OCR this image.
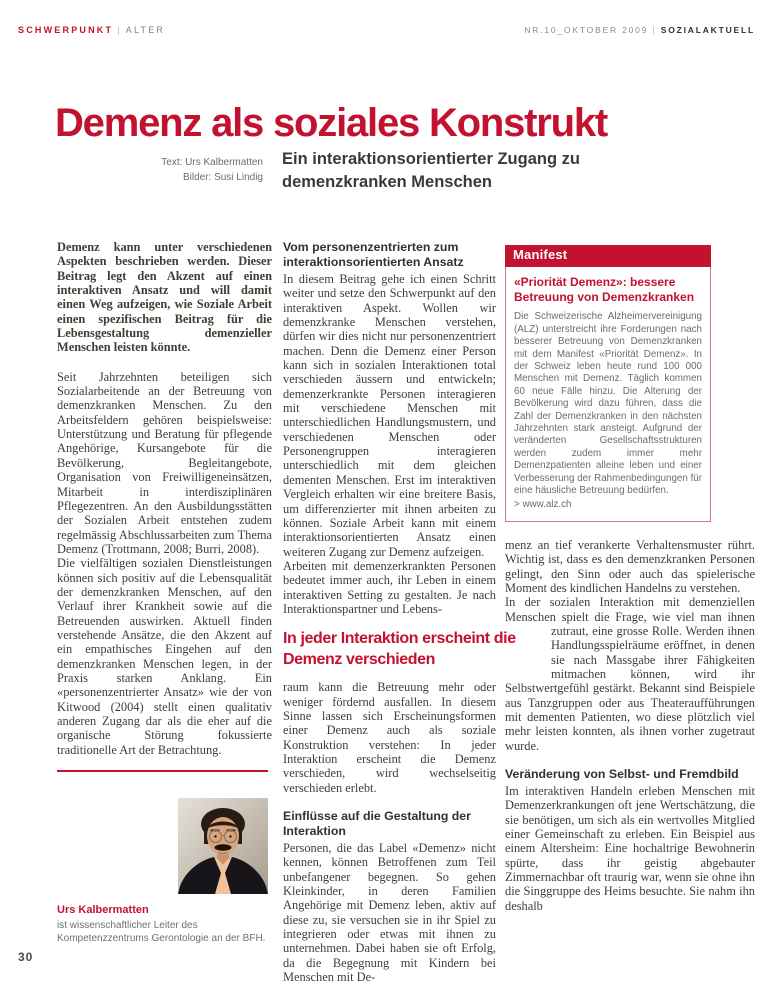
SCHWERPUNKT | ALTER	NR.10_OKTOBER 2009 | SOZIALAKTUELL
Demenz als soziales Konstrukt
Text: Urs Kalbermatten
Bilder: Susi Lindig
Ein interaktionsorientierter Zugang zu demenzkranken Menschen

Demenz kann unter verschiedenen Aspekten beschrieben werden. Dieser Beitrag legt den Akzent auf einen interaktiven Ansatz und will damit einen Weg aufzeigen, wie Soziale Arbeit einen spezifischen Beitrag für die Lebensgestaltung demenzieller Menschen leisten könnte.

Seit Jahrzehnten beteiligen sich Sozialarbeitende an der Betreuung von demenzkranken Menschen. Zu den Arbeitsfeldern gehören beispielsweise: Unterstützung und Beratung für pflegende Angehörige, Kursangebote für die Bevölkerung, Begleitangebote, Organisation von Freiwilligeneinsätzen, Mitarbeit in interdisziplinären Pflegezentren. An den Ausbildungsstätten der Sozialen Arbeit entstehen zudem regelmässig Abschlussarbeiten zum Thema Demenz (Trottmann, 2008; Burri, 2008).

Die vielfältigen sozialen Dienstleistungen können sich positiv auf die Lebensqualität der demenzkranken Menschen, auf den Verlauf ihrer Krankheit sowie auf die Betreuenden auswirken. Aktuell finden verstehende Ansätze, die den Akzent auf ein empathisches Eingehen auf den demenzkranken Menschen legen, in der Praxis starken Anklang. Ein «personenzentrierter Ansatz» wie der von Kitwood (2004) stellt einen qualitativ anderen Zugang dar als die eher auf die organische Störung fokussierte traditionelle Art der Betrachtung.

Vom personenzentrierten zum interaktionsorientierten Ansatz

In diesem Beitrag gehe ich einen Schritt weiter und setze den Schwerpunkt auf den interaktiven Aspekt. Wollen wir demenzkranke Menschen verstehen, dürfen wir dies nicht nur personenzentriert machen. Denn die Demenz einer Person kann sich in sozialen Interaktionen total verschieden äussern und entwickeln; demenzerkrankte Personen interagieren mit verschiedene Menschen mit unterschiedlichen Handlungsmustern, und verschiedenen Menschen oder Personengruppen interagieren unterschiedlich mit dem gleichen dementen Menschen. Erst im interaktiven Vergleich erhalten wir eine breitere Basis, um differenzierter mit ihnen arbeiten zu können. Soziale Arbeit kann mit einem interaktionsorientierten Ansatz einen weiteren Zugang zur Demenz aufzeigen.

Arbeiten mit demenzerkrankten Personen bedeutet immer auch, ihr Leben in einem interaktiven Setting zu gestalten. Je nach Interaktionspartner und Lebens-

In jeder Interaktion erscheint die
Demenz verschieden

raum kann die Betreuung mehr oder weniger fördernd ausfallen. In diesem Sinne lassen sich Erscheinungsformen einer Demenz auch als soziale Konstruktion verstehen: In jeder Interaktion erscheint die Demenz verschieden, wird wechselseitig verschieden erlebt.

Einflüsse auf die Gestaltung der Interaktion

Personen, die das Label «Demenz» nicht kennen, können Betroffenen zum Teil unbefangener begegnen. So gehen Kleinkinder, in deren Familien Angehörige mit Demenz leben, aktiv auf diese zu, sie versuchen sie in ihr Spiel zu integrieren oder etwas mit ihnen zu unternehmen. Dabei haben sie oft Erfolg, da die Begegnung mit Kindern bei Menschen mit De-

Manifest
«Priorität Demenz»: bessere Betreuung von Demenzkranken
Die Schweizerische Alzheimervereinigung (ALZ) unterstreicht ihre Forderungen nach besserer Betreuung von Demenzkranken mit dem Manifest «Priorität Demenz». In der Schweiz leben heute rund 100 000 Menschen mit Demenz. Täglich kommen 60 neue Fälle hinzu. Die Alterung der Bevölkerung wird dazu führen, dass die Zahl der Demenzkranken in den nächsten Jahrzehnten stark ansteigt. Aufgrund der veränderten Gesellschaftsstrukturen werden zudem immer mehr Demenzpatienten alleine leben und einer Verbesserung der Rahmenbedingungen für eine häusliche Betreuung bedürfen.
> www.alz.ch

menz an tief verankerte Verhaltensmuster rührt. Wichtig ist, dass es den demenzkranken Personen gelingt, den Sinn oder auch das spielerische Moment des kindlichen Handelns zu verstehen.

In der sozialen Interaktion mit demenziellen Menschen spielt die Frage, wie viel man ihnen zutraut, eine grosse Rolle. Werden ihnen Handlungsspielräume eröffnet, in denen sie nach Massgabe ihrer Fähigkeiten mitmachen können, wird ihr Selbstwertgefühl gestärkt. Bekannt sind Beispiele aus Tanzgruppen oder aus Theateraufführungen mit dementen Patienten, wo diese plötzlich viel mehr leisten konnten, als ihnen vorher zugetraut wurde.

Veränderung von Selbst- und Fremdbild

Im interaktiven Handeln erleben Menschen mit Demenzerkrankungen oft jene Wertschätzung, die sie benötigen, um sich als ein wertvolles Mitglied einer Gemeinschaft zu erleben. Ein Beispiel aus einem Altersheim: Eine hochaltrige Bewohnerin spürte, dass ihr geistig abgebauter Zimmernachbar oft traurig war, wenn sie ohne ihn die Singgruppe des Heims besuchte. Sie nahm ihn deshalb

Urs Kalbermatten
ist wissenschaftlicher Leiter des Kompetenzzentrums Gerontologie an der BFH.
30
